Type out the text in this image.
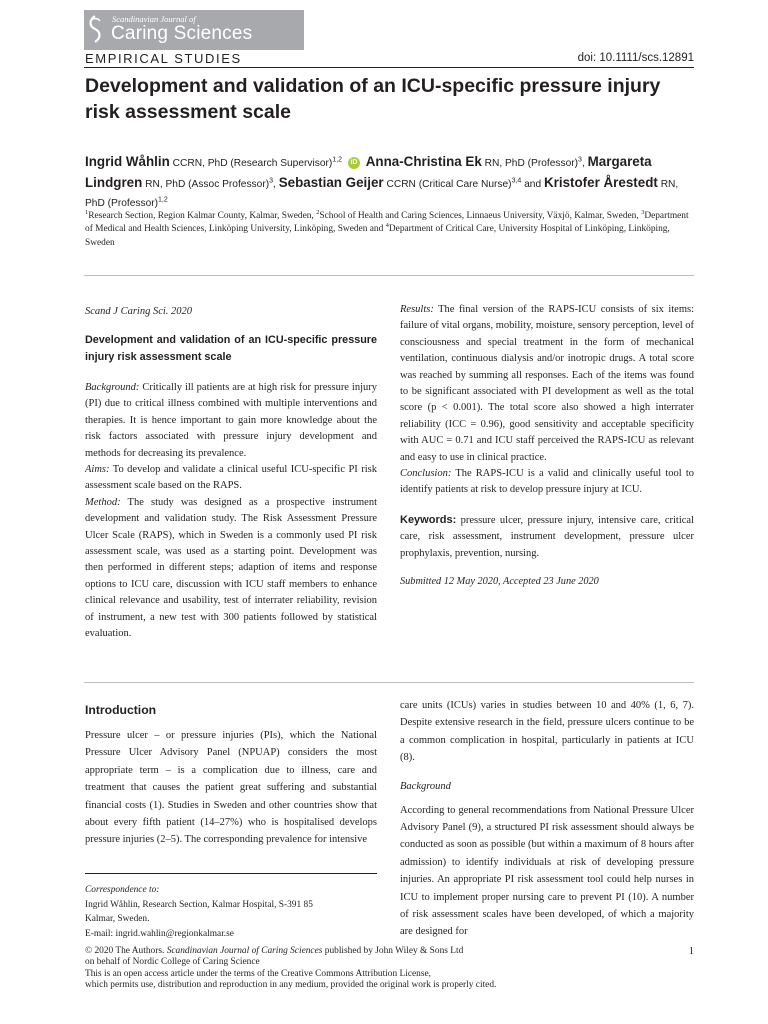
Scandinavian Journal of
Caring Sciences
EMPIRICAL STUDIES	doi: 10.1111/scs.12891
Development and validation of an ICU-specific pressure injury risk assessment scale
Ingrid Wåhlin CCRN, PhD (Research Supervisor)$^{1,2}$ iD Anna-Christina Ek RN, PhD (Professor)$^3$, Margareta Lindgren RN, PhD (Assoc Professor)$^3$, Sebastian Geijer CCRN (Critical Care Nurse)$^{3,4}$ and Kristofer Årestedt RN, PhD (Professor)$^{1,2}$
$^1$Research Section, Region Kalmar County, Kalmar, Sweden, $^2$School of Health and Caring Sciences, Linnaeus University, Växjö, Kalmar, Sweden, $^3$Department of Medical and Health Sciences, Linköping University, Linköping, Sweden and $^4$Department of Critical Care, University Hospital of Linköping, Linköping, Sweden
Scand J Caring Sci. 2020
Development and validation of an ICU-specific pressure injury risk assessment scale
Background: Critically ill patients are at high risk for pressure injury (PI) due to critical illness combined with multiple interventions and therapies. It is hence important to gain more knowledge about the risk factors associated with pressure injury development and methods for decreasing its prevalence.
Aims: To develop and validate a clinical useful ICU-specific PI risk assessment scale based on the RAPS.
Method: The study was designed as a prospective instrument development and validation study. The Risk Assessment Pressure Ulcer Scale (RAPS), which in Sweden is a commonly used PI risk assessment scale, was used as a starting point. Development was then performed in different steps; adaption of items and response options to ICU care, discussion with ICU staff members to enhance clinical relevance and usability, test of interrater reliability, revision of instrument, a new test with 300 patients followed by statistical evaluation.
Results: The final version of the RAPS-ICU consists of six items: failure of vital organs, mobility, moisture, sensory perception, level of consciousness and special treatment in the form of mechanical ventilation, continuous dialysis and/or inotropic drugs. A total score was reached by summing all responses. Each of the items was found to be significant associated with PI development as well as the total score (p < 0.001). The total score also showed a high interrater reliability (ICC = 0.96), good sensitivity and acceptable specificity with AUC = 0.71 and ICU staff perceived the RAPS-ICU as relevant and easy to use in clinical practice.
Conclusion: The RAPS-ICU is a valid and clinically useful tool to identify patients at risk to develop pressure injury at ICU.
Keywords: pressure ulcer, pressure injury, intensive care, critical care, risk assessment, instrument development, pressure ulcer prophylaxis, prevention, nursing.
Submitted 12 May 2020, Accepted 23 June 2020
Introduction
Pressure ulcer – or pressure injuries (PIs), which the National Pressure Ulcer Advisory Panel (NPUAP) considers the most appropriate term – is a complication due to illness, care and treatment that causes the patient great suffering and substantial financial costs (1). Studies in Sweden and other countries show that about every fifth patient (14–27%) who is hospitalised develops pressure injuries (2–5). The corresponding prevalence for intensive
Correspondence to:
Ingrid Wåhlin, Research Section, Kalmar Hospital, S-391 85
Kalmar, Sweden.
E-mail: ingrid.wahlin@regionkalmar.se
care units (ICUs) varies in studies between 10 and 40% (1, 6, 7). Despite extensive research in the field, pressure ulcers continue to be a common complication in hospital, particularly in patients at ICU (8).
Background
According to general recommendations from National Pressure Ulcer Advisory Panel (9), a structured PI risk assessment should always be conducted as soon as possible (but within a maximum of 8 hours after admission) to identify individuals at risk of developing pressure injuries. An appropriate PI risk assessment tool could help nurses in ICU to implement proper nursing care to prevent PI (10). A number of risk assessment scales have been developed, of which a majority are designed for
© 2020 The Authors. Scandinavian Journal of Caring Sciences published by John Wiley & Sons Ltd
on behalf of Nordic College of Caring Science
This is an open access article under the terms of the Creative Commons Attribution License,
which permits use, distribution and reproduction in any medium, provided the original work is properly cited.
1
